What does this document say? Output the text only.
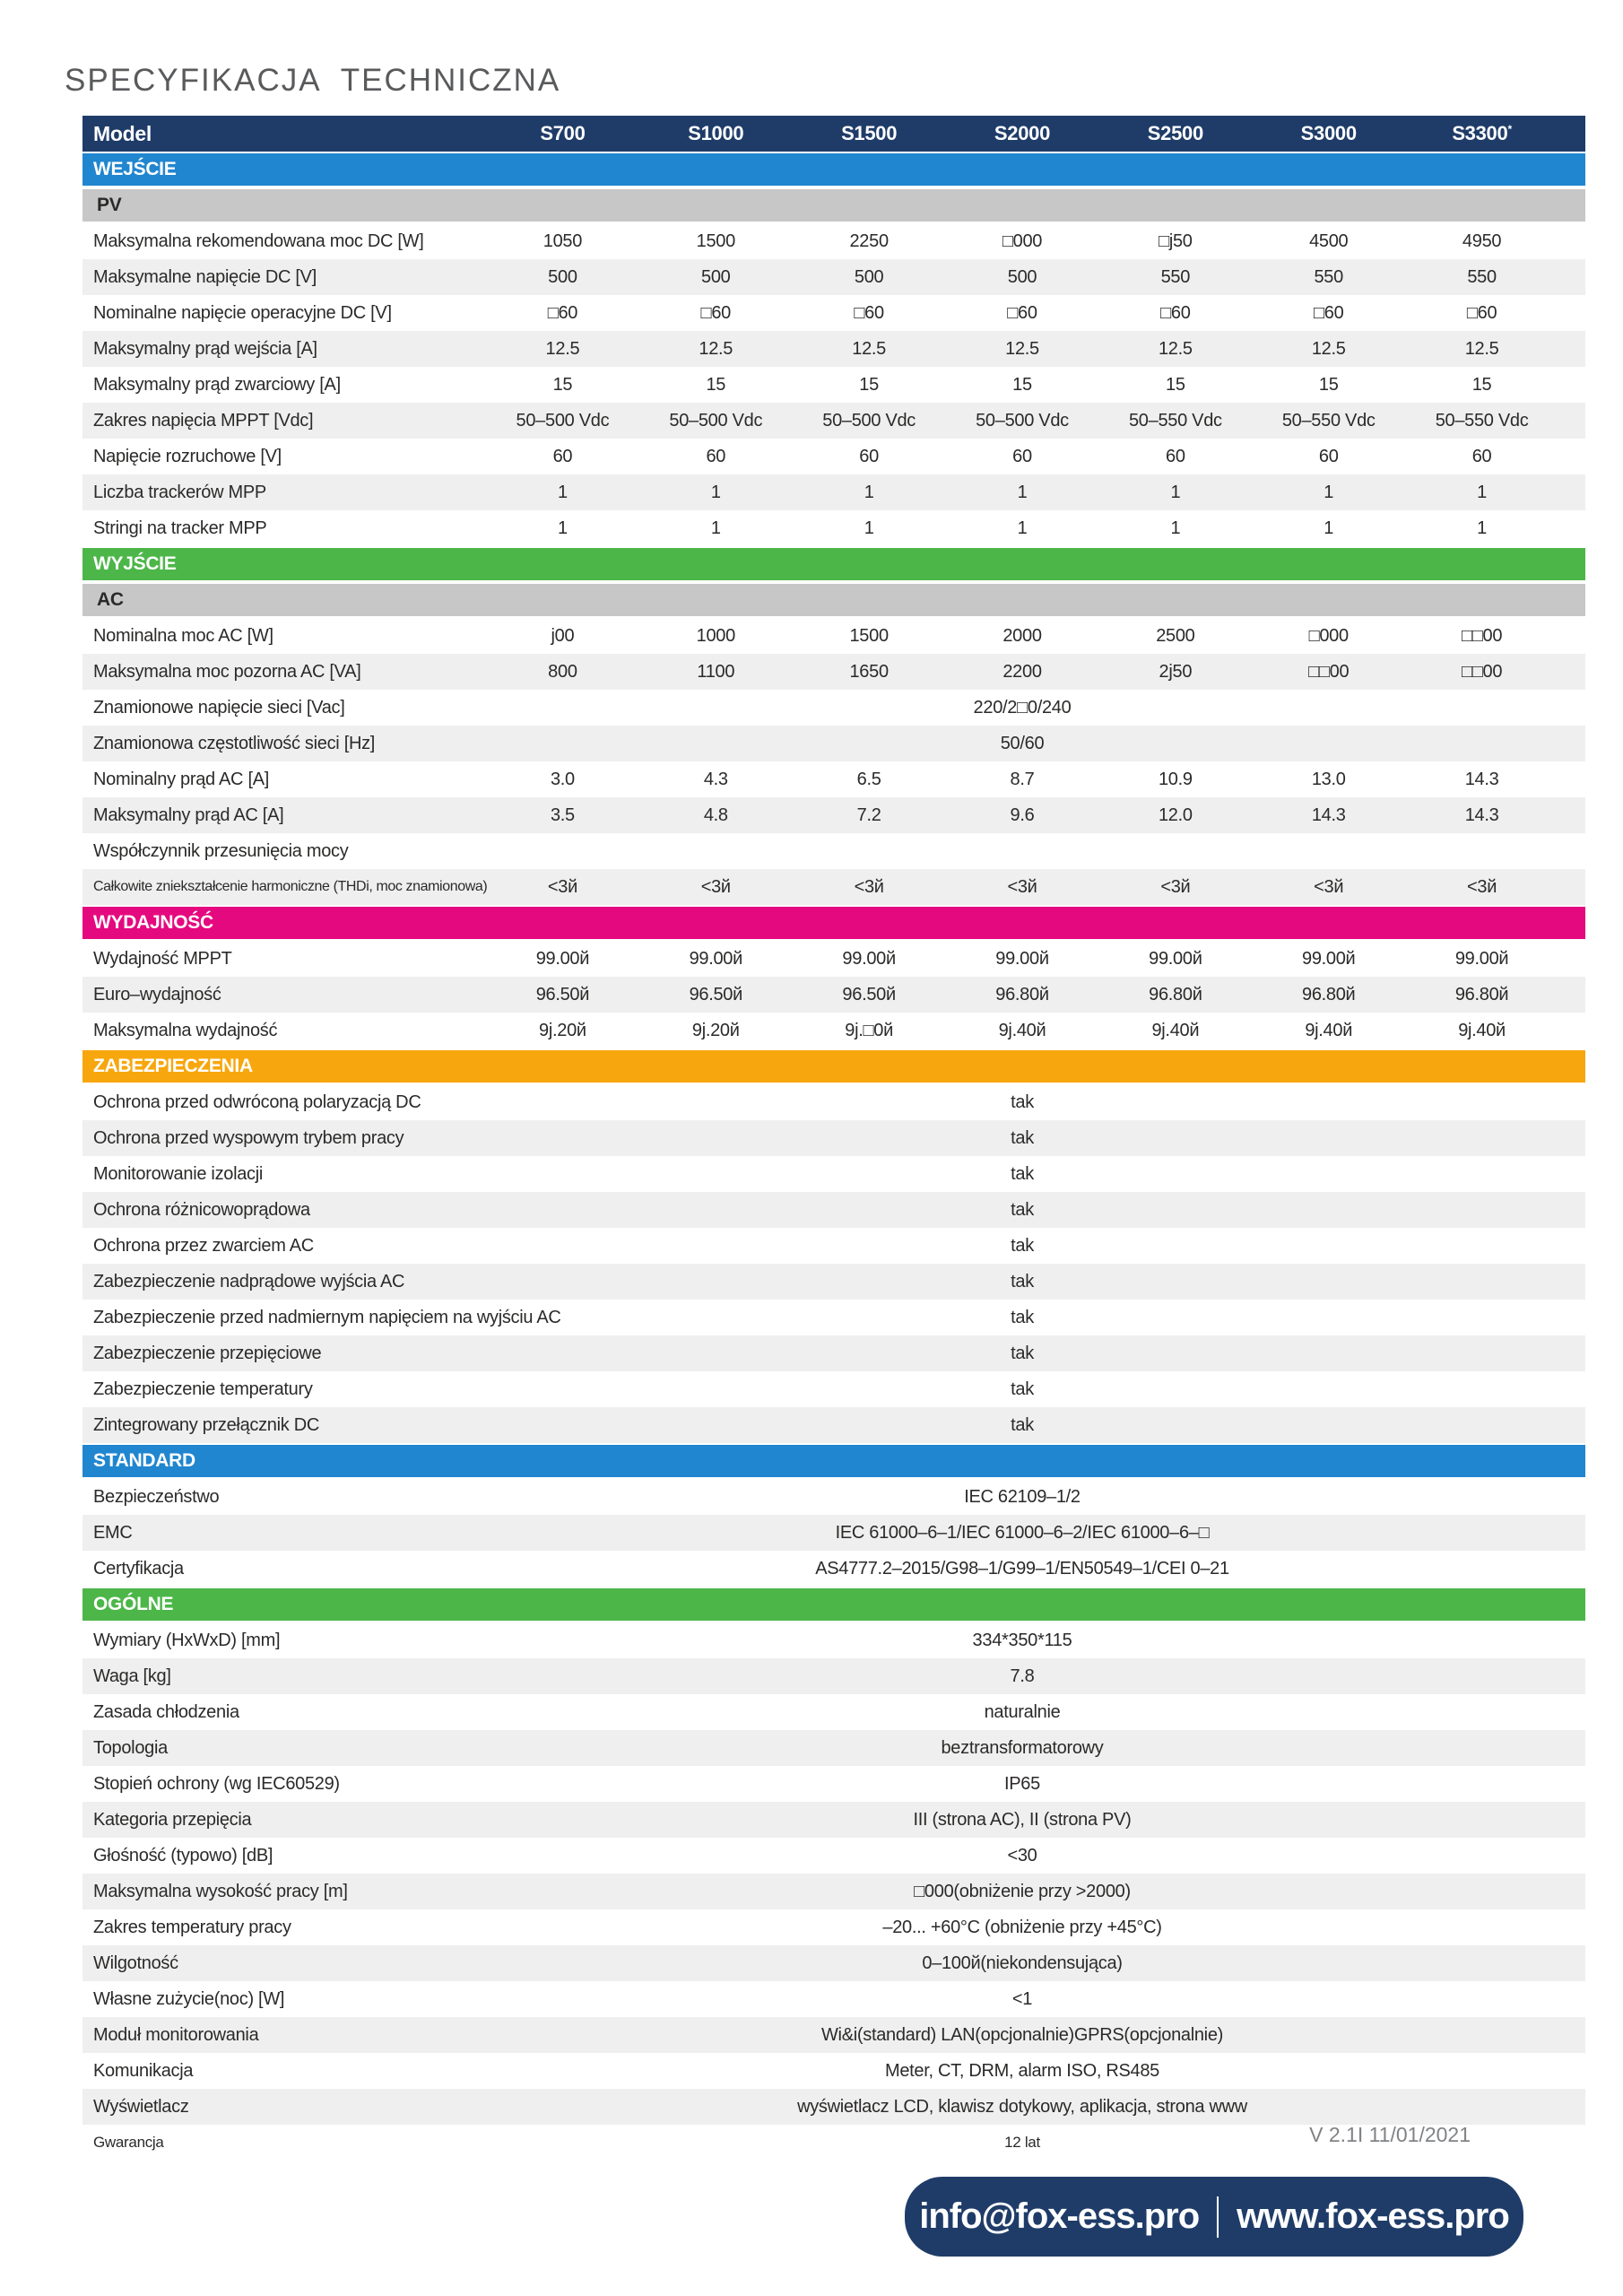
SPECYFIKACJA TECHNICZNA
Model	S700	S1000	S1500	S2000	S2500	S3000	S3300*
WEJŚCIE
PV
Maksymalna rekomendowana moc DC [W]	1050	1500	2250	□000	□j50	4500	4950
Maksymalne napięcie DC [V]	500	500	500	500	550	550	550
Nominalne napięcie operacyjne DC [V]	□60	□60	□60	□60	□60	□60	□60
Maksymalny prąd wejścia [A]	12.5	12.5	12.5	12.5	12.5	12.5	12.5
Maksymalny prąd zwarciowy [A]	15	15	15	15	15	15	15
Zakres napięcia MPPT [Vdc]	50–500 Vdc	50–500 Vdc	50–500 Vdc	50–500 Vdc	50–550 Vdc	50–550 Vdc	50–550 Vdc
Napięcie rozruchowe [V]	60	60	60	60	60	60	60
Liczba trackerów MPP	1	1	1	1	1	1	1
Stringi na tracker MPP	1	1	1	1	1	1	1
WYJŚCIE
AC
Nominalna moc AC [W]	j00	1000	1500	2000	2500	□000	□□00
Maksymalna moc pozorna AC [VA]	800	1100	1650	2200	2j50	□□00	□□00
Znamionowe napięcie sieci [Vac]	220/2□0/240
Znamionowa częstotliwość sieci [Hz]	50/60
Nominalny prąd AC [A]	3.0	4.3	6.5	8.7	10.9	13.0	14.3
Maksymalny prąd AC [A]	3.5	4.8	7.2	9.6	12.0	14.3	14.3
Współczynnik przesunięcia mocy
Całkowite zniekształcenie harmoniczne (THDi, moc znamionowa)	<3й	<3й	<3й	<3й	<3й	<3й	<3й
WYDAJNOŚĆ
Wydajność MPPT	99.00й	99.00й	99.00й	99.00й	99.00й	99.00й	99.00й
Euro–wydajność	96.50й	96.50й	96.50й	96.80й	96.80й	96.80й	96.80й
Maksymalna wydajność	9j.20й	9j.20й	9j.□0й	9j.40й	9j.40й	9j.40й	9j.40й
ZABEZPIECZENIA
Ochrona przed odwróconą polaryzacją DC	tak
Ochrona przed wyspowym trybem pracy	tak
Monitorowanie izolacji	tak
Ochrona różnicowoprądowa	tak
Ochrona przez zwarciem AC	tak
Zabezpieczenie nadprądowe wyjścia AC	tak
Zabezpieczenie przed nadmiernym napięciem na wyjściu AC	tak
Zabezpieczenie przepięciowe	tak
Zabezpieczenie temperatury	tak
Zintegrowany przełącznik DC	tak
STANDARD
Bezpieczeństwo	IEC 62109–1/2
EMC	IEC 61000–6–1/IEC 61000–6–2/IEC 61000–6–□
Certyfikacja	AS4777.2–2015/G98–1/G99–1/EN50549–1/CEI 0–21
OGÓLNE
Wymiary (HxWxD) [mm]	334*350*115
Waga [kg]	7.8
Zasada chłodzenia	naturalnie
Topologia	beztransformatorowy
Stopień ochrony (wg IEC60529)	IP65
Kategoria przepięcia	III (strona AC), II (strona PV)
Głośność (typowo) [dB]	<30
Maksymalna wysokość pracy [m]	□000(obniżenie przy >2000)
Zakres temperatury pracy	–20... +60°C (obniżenie przy +45°C)
Wilgotność	0–100й(niekondensująca)
Własne zużycie(noc) [W]	<1
Moduł monitorowania	Wi&i(standard) LAN(opcjonalnie)GPRS(opcjonalnie)
Komunikacja	Meter, CT, DRM, alarm ISO, RS485
Wyświetlacz	wyświetlacz LCD, klawisz dotykowy, aplikacja, strona www
Gwarancja	12 lat	V 2.1I 11/01/2021
info@fox-ess.pro www.fox-ess.pro
